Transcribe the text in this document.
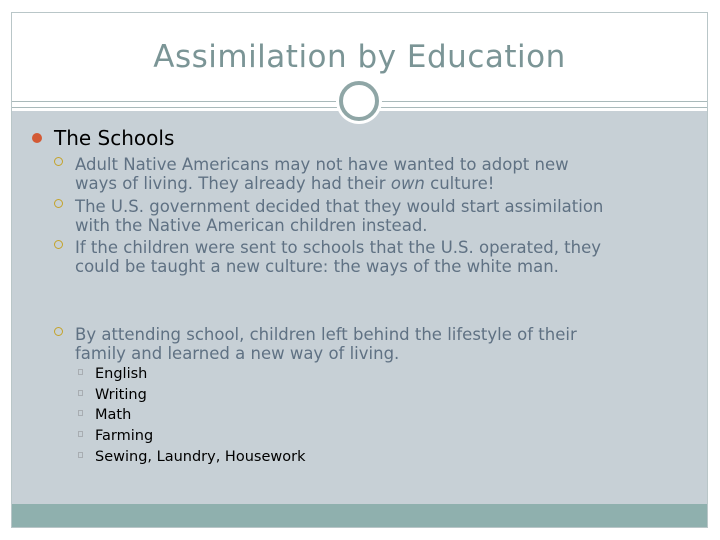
Assimilation by Education
The Schools
Adult Native Americans may not have wanted to adopt new
ways of living. They already had their own culture!
The U.S. government decided that they would start assimilation
with the Native American children instead.
If the children were sent to schools that the U.S. operated, they
could be taught a new culture: the ways of the white man.
By attending school, children left behind the lifestyle of their
family and learned a new way of living.
English
Writing
Math
Farming
Sewing, Laundry, Housework
